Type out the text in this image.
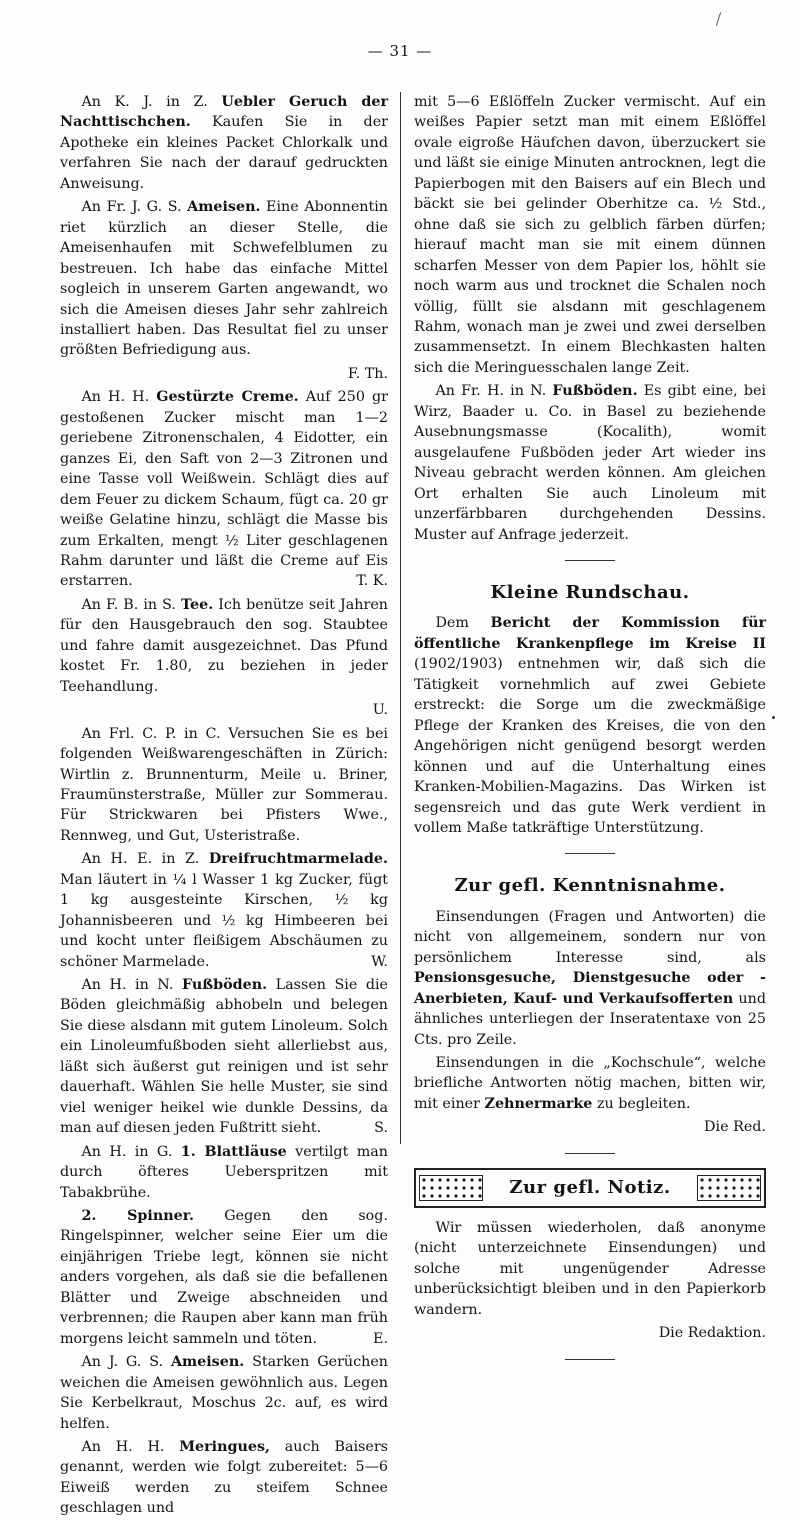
— 31 —

An K. J. in Z. Uebler Geruch der Nachttischchen. Kaufen Sie in der Apotheke ein kleines Packet Chlorkalk und verfahren Sie nach der darauf gedruckten Anweisung.

An Fr. J. G. S. Ameisen. Eine Abonnentin riet kürzlich an dieser Stelle, die Ameisenhaufen mit Schwefelblumen zu bestreuen. Ich habe das einfache Mittel sogleich in unserem Garten angewandt, wo sich die Ameisen dieses Jahr sehr zahlreich installiert haben. Das Resultat fiel zu unser größten Befriedigung aus.

F. Th.

An H. H. Gestürzte Creme. Auf 250 gr gestoßenen Zucker mischt man 1—2 geriebene Zitronenschalen, 4 Eidotter, ein ganzes Ei, den Saft von 2—3 Zitronen und eine Tasse voll Weißwein. Schlägt dies auf dem Feuer zu dickem Schaum, fügt ca. 20 gr weiße Gelatine hinzu, schlägt die Masse bis zum Erkalten, mengt ½ Liter geschlagenen Rahm darunter und läßt die Creme auf Eis erstarren.	T. K.

An F. B. in S. Tee. Ich benütze seit Jahren für den Hausgebrauch den sog. Staubtee und fahre damit ausgezeichnet. Das Pfund kostet Fr. 1.80, zu beziehen in jeder Teehandlung.

U.

An Frl. C. P. in C. Versuchen Sie es bei folgenden Weißwarengeschäften in Zürich: Wirtlin z. Brunnenturm, Meile u. Briner, Fraumünsterstraße, Müller zur Sommerau. Für Strickwaren bei Pfisters Wwe., Rennweg, und Gut, Usteristraße.

An H. E. in Z. Dreifruchtmarmelade. Man läutert in ¼ l Wasser 1 kg Zucker, fügt 1 kg ausgesteinte Kirschen, ½ kg Johannisbeeren und ½ kg Himbeeren bei und kocht unter fleißigem Abschäumen zu schöner Marmelade.	W.

An H. in N. Fußböden. Lassen Sie die Böden gleichmäßig abhobeln und belegen Sie diese alsdann mit gutem Linoleum. Solch ein Linoleumfußboden sieht allerliebst aus, läßt sich äußerst gut reinigen und ist sehr dauerhaft. Wählen Sie helle Muster, sie sind viel weniger heikel wie dunkle Dessins, da man auf diesen jeden Fußtritt sieht.	S.

An H. in G. 1. Blattläuse vertilgt man durch öfteres Ueberspritzen mit Tabakbrühe.

2. Spinner. Gegen den sog. Ringelspinner, welcher seine Eier um die einjährigen Triebe legt, können sie nicht anders vorgehen, als daß sie die befallenen Blätter und Zweige abschneiden und verbrennen; die Raupen aber kann man früh morgens leicht sammeln und töten.	E.

An J. G. S. Ameisen. Starken Gerüchen weichen die Ameisen gewöhnlich aus. Legen Sie Kerbelkraut, Moschus 2c. auf, es wird helfen.

An H. H. Meringues, auch Baisers genannt, werden wie folgt zubereitet: 5—6 Eiweiß werden zu steifem Schnee geschlagen und

mit 5—6 Eßlöffeln Zucker vermischt. Auf ein weißes Papier setzt man mit einem Eßlöffel ovale eigroße Häufchen davon, überzuckert sie und läßt sie einige Minuten antrocknen, legt die Papierbogen mit den Baisers auf ein Blech und bäckt sie bei gelinder Oberhitze ca. ½ Std., ohne daß sie sich zu gelblich färben dürfen; hierauf macht man sie mit einem dünnen scharfen Messer von dem Papier los, höhlt sie noch warm aus und trocknet die Schalen noch völlig, füllt sie alsdann mit geschlagenem Rahm, wonach man je zwei und zwei derselben zusammensetzt. In einem Blechkasten halten sich die Meringuesschalen lange Zeit.

An Fr. H. in N. Fußböden. Es gibt eine, bei Wirz, Baader u. Co. in Basel zu beziehende Ausebnungsmasse (Kocalith), womit ausgelaufene Fußböden jeder Art wieder ins Niveau gebracht werden können. Am gleichen Ort erhalten Sie auch Linoleum mit unzerfärbbaren durchgehenden Dessins. Muster auf Anfrage jederzeit.

Kleine Rundschau.

Dem Bericht der Kommission für öffentliche Krankenpflege im Kreise II (1902/1903) entnehmen wir, daß sich die Tätigkeit vornehmlich auf zwei Gebiete erstreckt: die Sorge um die zweckmäßige Pflege der Kranken des Kreises, die von den Angehörigen nicht genügend besorgt werden können und auf die Unterhaltung eines Kranken-Mobilien-Magazins. Das Wirken ist segensreich und das gute Werk verdient in vollem Maße tatkräftige Unterstützung.

Zur gefl. Kenntnisnahme.

Einsendungen (Fragen und Antworten) die nicht von allgemeinem, sondern nur von persönlichem Interesse sind, als Pensionsgesuche, Dienstgesuche oder -Anerbieten, Kauf- und Verkaufsofferten und ähnliches unterliegen der Inseratentaxe von 25 Cts. pro Zeile.

Einsendungen in die „Kochschule“, welche briefliche Antworten nötig machen, bitten wir, mit einer Zehnermarke zu begleiten.

Die Red.

Zur gefl. Notiz.

Wir müssen wiederholen, daß anonyme (nicht unterzeichnete Einsendungen) und solche mit ungenügender Adresse unberücksichtigt bleiben und in den Papierkorb wandern.

Die Redaktion.
